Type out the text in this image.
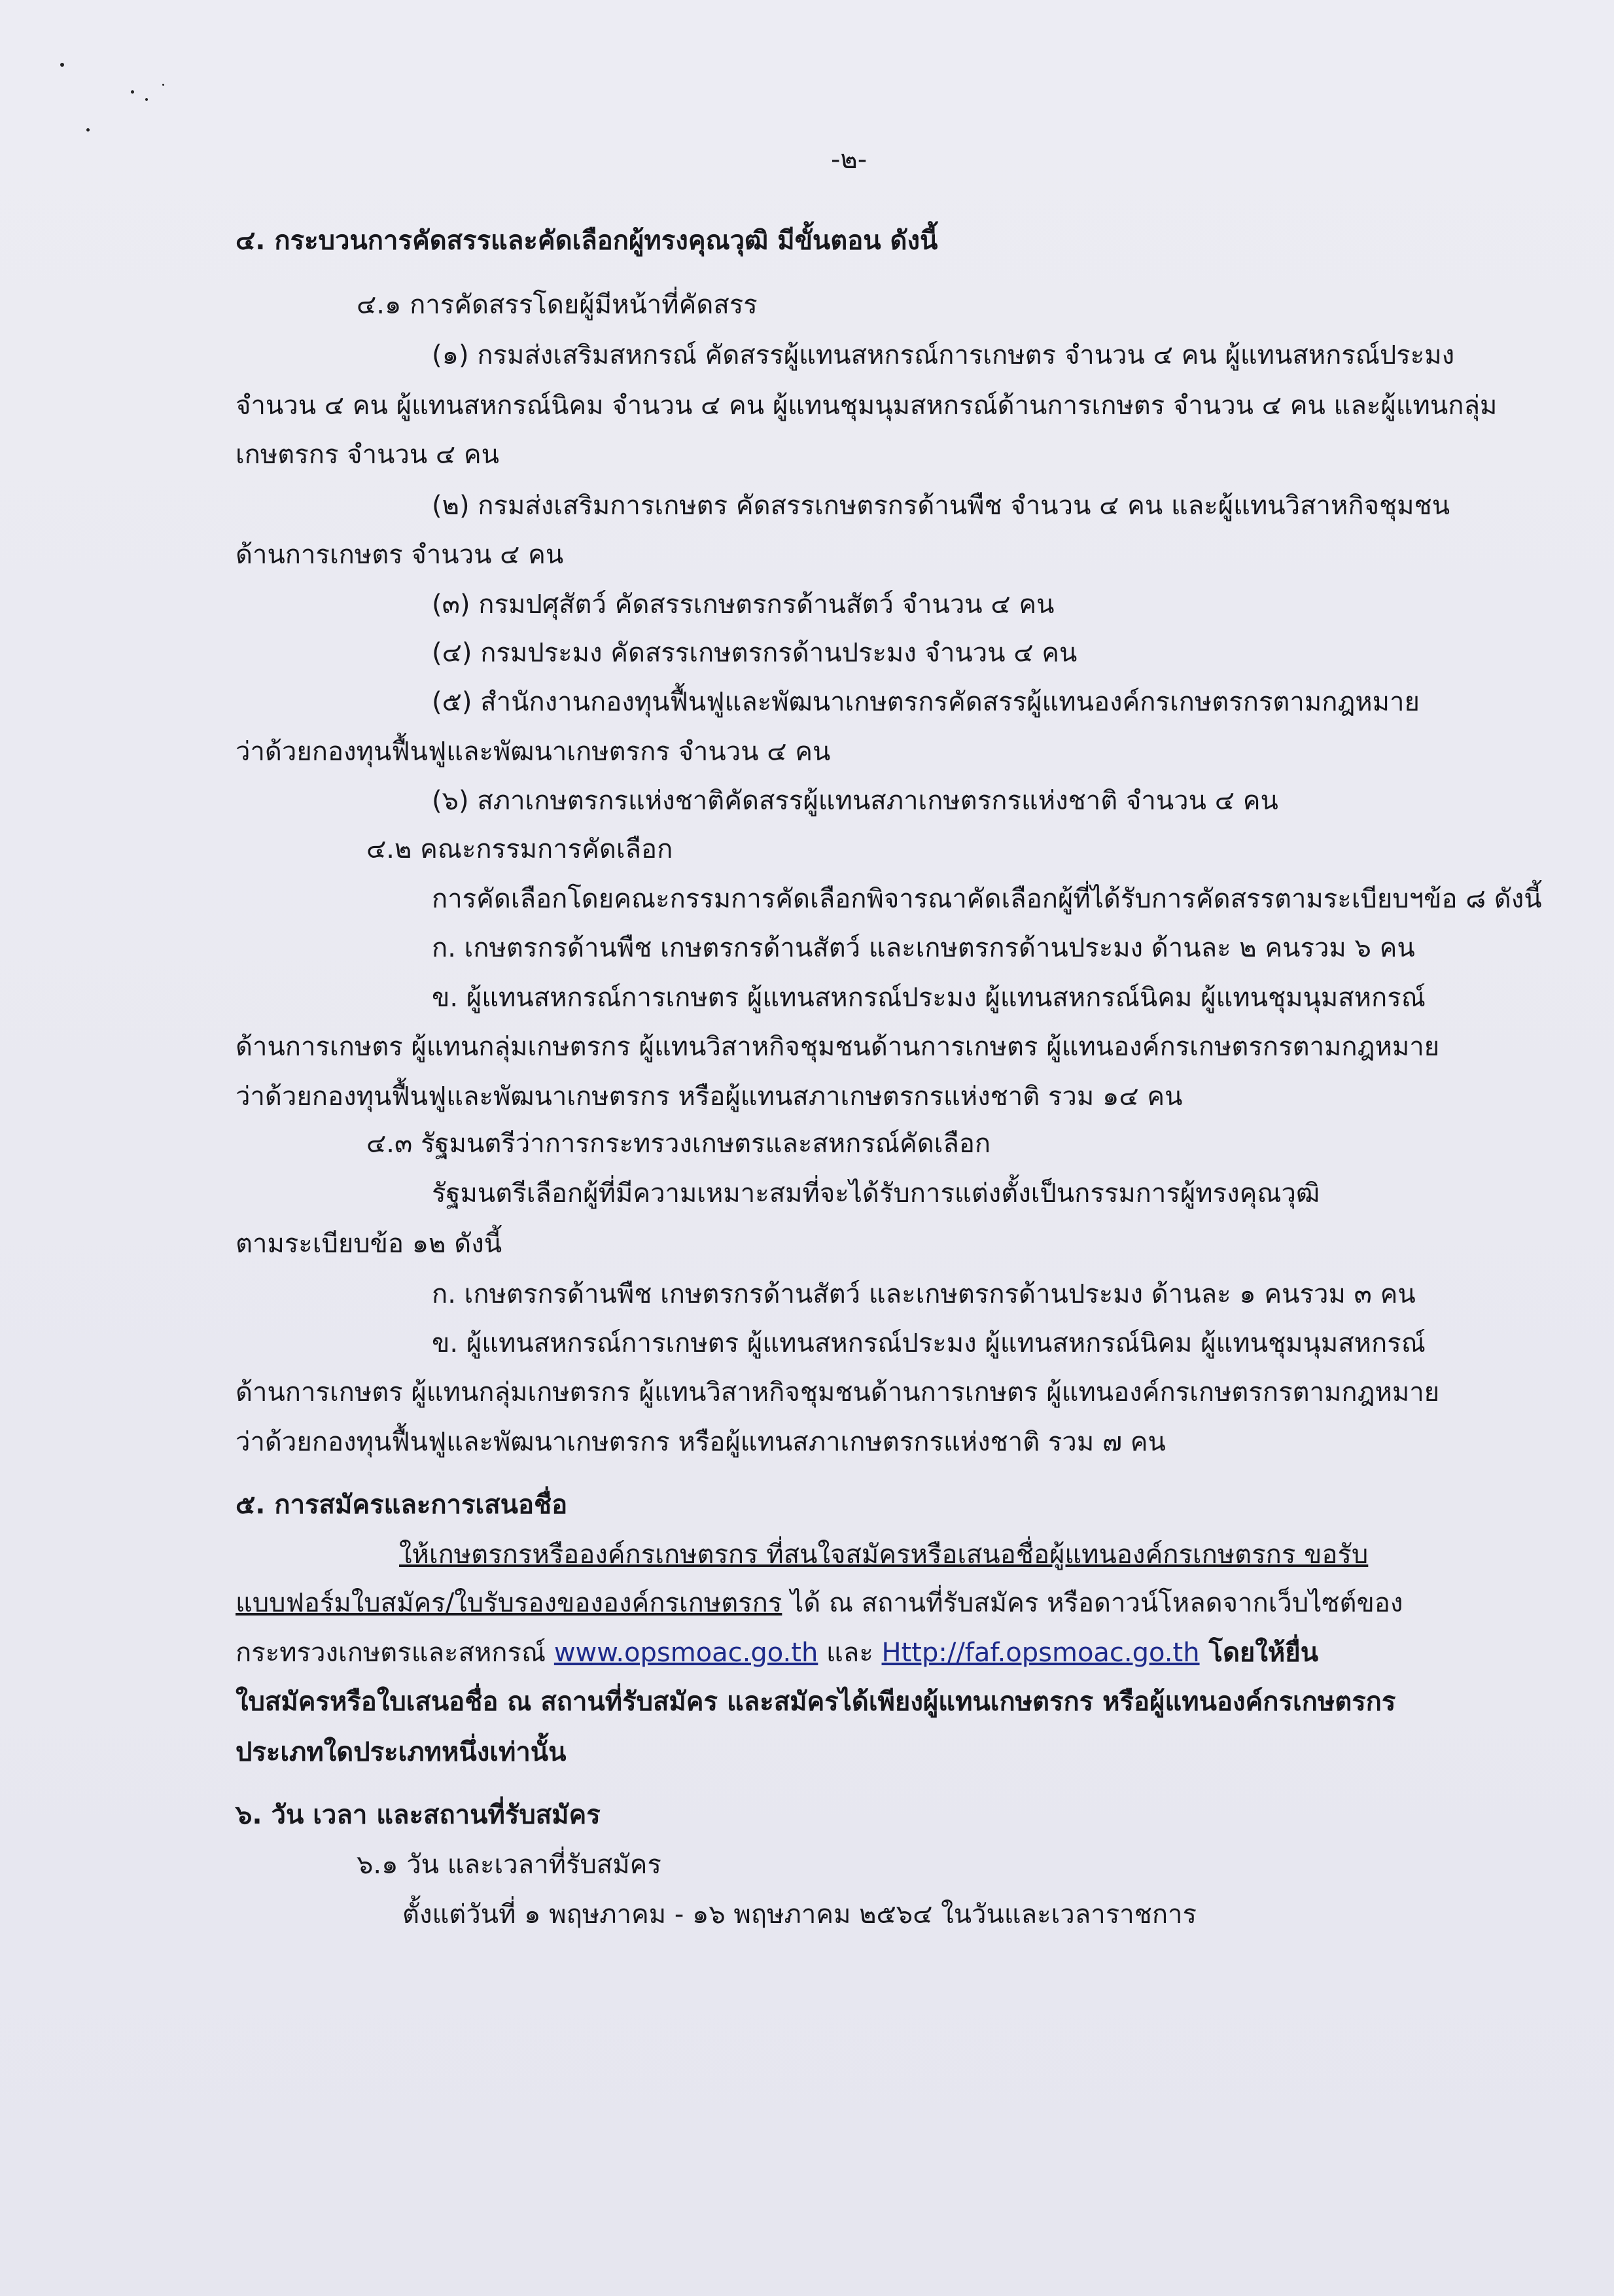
-๒-

๔. กระบวนการคัดสรรและคัดเลือกผู้ทรงคุณวุฒิ มีขั้นตอน ดังนี้

๔.๑ การคัดสรรโดยผู้มีหน้าที่คัดสรร

(๑) กรมส่งเสริมสหกรณ์ คัดสรรผู้แทนสหกรณ์การเกษตร จำนวน ๔ คน ผู้แทนสหกรณ์ประมง

จำนวน ๔ คน ผู้แทนสหกรณ์นิคม จำนวน ๔ คน ผู้แทนชุมนุมสหกรณ์ด้านการเกษตร จำนวน ๔ คน และผู้แทนกลุ่ม

เกษตรกร จำนวน ๔ คน

(๒) กรมส่งเสริมการเกษตร คัดสรรเกษตรกรด้านพืช จำนวน ๔ คน และผู้แทนวิสาหกิจชุมชน

ด้านการเกษตร จำนวน ๔ คน

(๓) กรมปศุสัตว์ คัดสรรเกษตรกรด้านสัตว์ จำนวน ๔ คน

(๔) กรมประมง คัดสรรเกษตรกรด้านประมง จำนวน ๔ คน

(๕) สำนักงานกองทุนฟื้นฟูและพัฒนาเกษตรกรคัดสรรผู้แทนองค์กรเกษตรกรตามกฎหมาย

ว่าด้วยกองทุนฟื้นฟูและพัฒนาเกษตรกร จำนวน ๔ คน

(๖) สภาเกษตรกรแห่งชาติคัดสรรผู้แทนสภาเกษตรกรแห่งชาติ จำนวน ๔ คน

๔.๒ คณะกรรมการคัดเลือก

การคัดเลือกโดยคณะกรรมการคัดเลือกพิจารณาคัดเลือกผู้ที่ได้รับการคัดสรรตามระเบียบฯข้อ ๘ ดังนี้

ก. เกษตรกรด้านพืช เกษตรกรด้านสัตว์ และเกษตรกรด้านประมง ด้านละ ๒ คนรวม ๖ คน

ข. ผู้แทนสหกรณ์การเกษตร ผู้แทนสหกรณ์ประมง ผู้แทนสหกรณ์นิคม ผู้แทนชุมนุมสหกรณ์

ด้านการเกษตร ผู้แทนกลุ่มเกษตรกร ผู้แทนวิสาหกิจชุมชนด้านการเกษตร ผู้แทนองค์กรเกษตรกรตามกฎหมาย

ว่าด้วยกองทุนฟื้นฟูและพัฒนาเกษตรกร หรือผู้แทนสภาเกษตรกรแห่งชาติ รวม ๑๔ คน

๔.๓ รัฐมนตรีว่าการกระทรวงเกษตรและสหกรณ์คัดเลือก

รัฐมนตรีเลือกผู้ที่มีความเหมาะสมที่จะได้รับการแต่งตั้งเป็นกรรมการผู้ทรงคุณวุฒิ

ตามระเบียบข้อ ๑๒ ดังนี้

ก. เกษตรกรด้านพืช เกษตรกรด้านสัตว์ และเกษตรกรด้านประมง ด้านละ ๑ คนรวม ๓ คน

ข. ผู้แทนสหกรณ์การเกษตร ผู้แทนสหกรณ์ประมง ผู้แทนสหกรณ์นิคม ผู้แทนชุมนุมสหกรณ์

ด้านการเกษตร ผู้แทนกลุ่มเกษตรกร ผู้แทนวิสาหกิจชุมชนด้านการเกษตร ผู้แทนองค์กรเกษตรกรตามกฎหมาย

ว่าด้วยกองทุนฟื้นฟูและพัฒนาเกษตรกร หรือผู้แทนสภาเกษตรกรแห่งชาติ รวม ๗ คน

๕. การสมัครและการเสนอชื่อ

ให้เกษตรกรหรือองค์กรเกษตรกร ที่สนใจสมัครหรือเสนอชื่อผู้แทนองค์กรเกษตรกร ขอรับ

แบบฟอร์มใบสมัคร/ใบรับรองขององค์กรเกษตรกร ได้ ณ สถานที่รับสมัคร หรือดาวน์โหลดจากเว็บไซต์ของ

กระทรวงเกษตรและสหกรณ์ www.opsmoac.go.th และ Http://faf.opsmoac.go.th โดยให้ยื่น

ใบสมัครหรือใบเสนอชื่อ ณ สถานที่รับสมัคร และสมัครได้เพียงผู้แทนเกษตรกร หรือผู้แทนองค์กรเกษตรกร

ประเภทใดประเภทหนึ่งเท่านั้น

๖. วัน เวลา และสถานที่รับสมัคร

๖.๑ วัน และเวลาที่รับสมัคร

ตั้งแต่วันที่ ๑ พฤษภาคม - ๑๖ พฤษภาคม ๒๕๖๔ ในวันและเวลาราชการ
